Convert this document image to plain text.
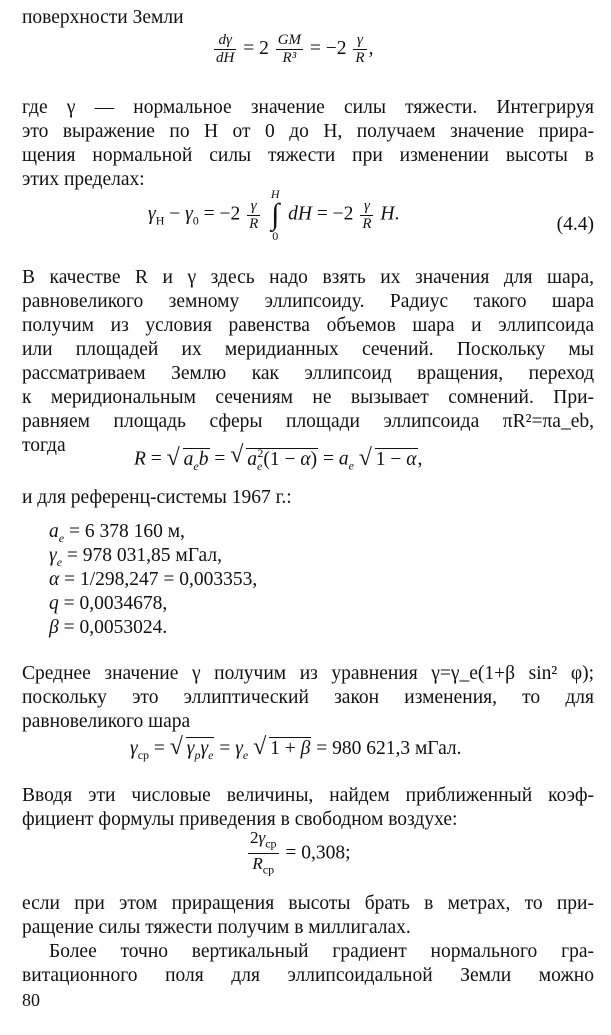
поверхности Земли
$\frac{d\gamma}{dH} = 2 \frac{GM}{\text{R³}} = -2 \frac{\gamma}{R}$ ,
где γ — нормальное значение силы тяжести. Интегрируя
это выражение по H от 0 до H, получаем значение прира-
щения нормальной силы тяжести при изменении высоты в
этих пределах:
$\gamma_H - \gamma_0 = -2 \frac{\gamma}{R}$

H
∫
0
dH = $-2 \frac{\gamma}{R} H$.
(4.4)
В качестве R и γ здесь надо взять их значения для шара,
равновеликого земному эллипсоиду. Радиус такого шара
получим из условия равенства объемов шара и эллипсоида
или площадей их меридианных сечений. Поскольку мы
рассматриваем Землю как эллипсоид вращения, переход
к меридиональным сечениям не вызывает сомнений. При-
равняем площадь сферы площади эллипсоида πR²=πa_eb,
тогда
R = √ $a_eb$ = √ $a_e^2(1 - \alpha) = a_e$ √ 1 − α,
и для референц-системы 1967 г.:
$a_e = 6$ 378 160 м,
$\gamma_e = 978$ 031,85 мГал,
α = 1/298,247 = 0,003353,
q = 0,0034678,
β = 0,0053024.
Среднее значение γ получим из уравнения γ=γ_e(1+β sin² φ);
поскольку это эллиптический закон изменения, то для
равновеликого шара
$\gamma_{ср}$ = √ $\gamma_p\gamma_e = \gamma_e$ √ 1 + β = 980 621,3 мГал.
Вводя эти числовые величины, найдем приближенный коэф-
фициент формулы приведения в свободном воздухе:
$\frac{2\gamma_{ср}}{R_{ср}} = 0,308$;
если при этом приращения высоты брать в метрах, то при-
ращение силы тяжести получим в миллигалах.
Более точно вертикальный градиент нормального гра-
витационного поля для эллипсоидальной Земли можно
80
